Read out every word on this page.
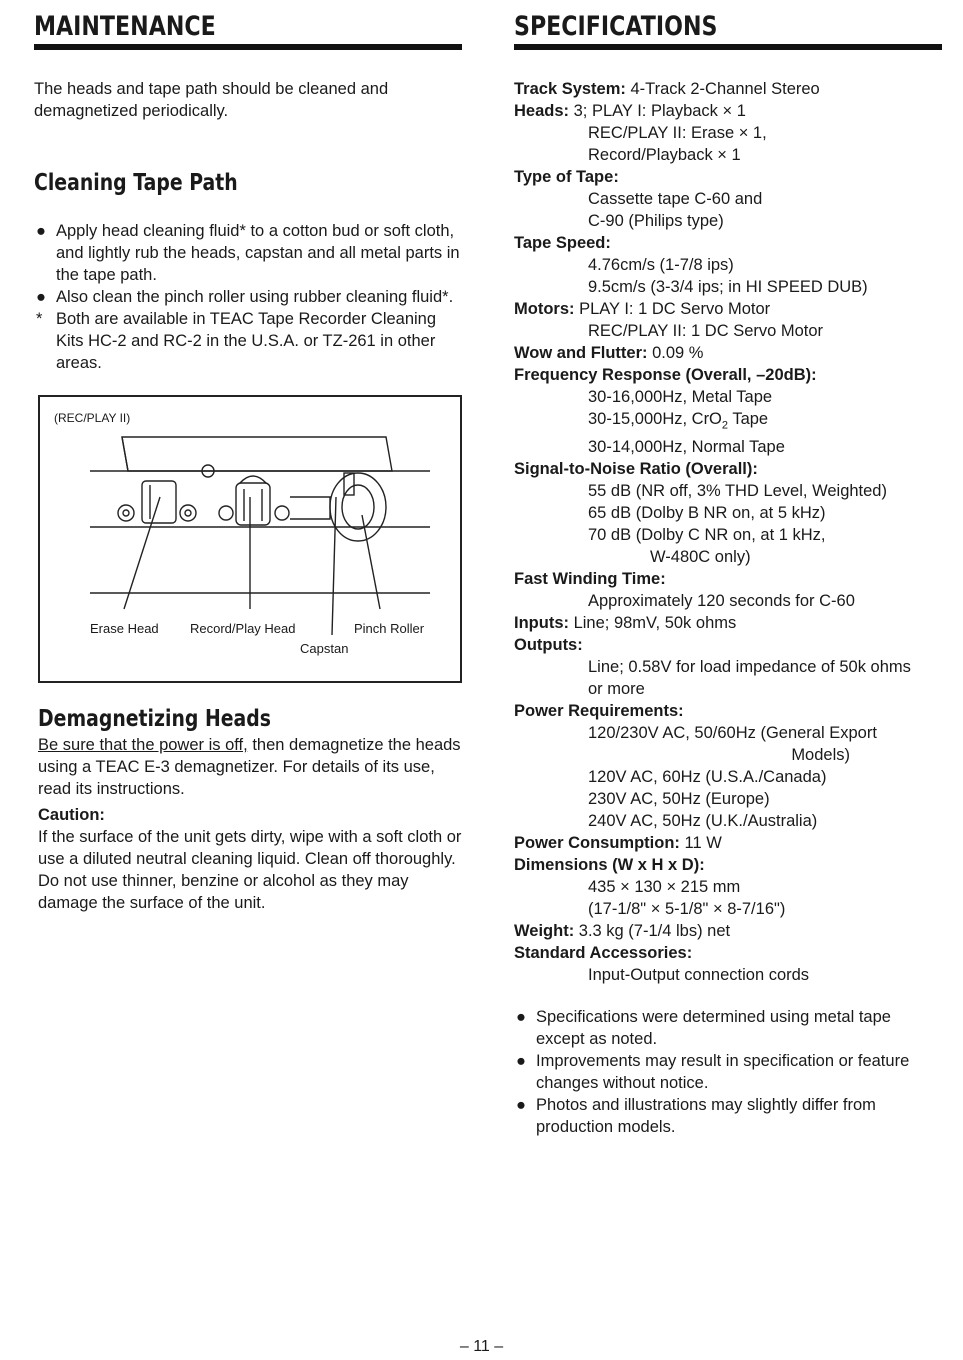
MAINTENANCE

The heads and tape path should be cleaned and demagnetized periodically.

Cleaning Tape Path
● Apply head cleaning fluid* to a cotton bud or soft cloth, and lightly rub the heads, capstan and all metal parts in the tape path.
● Also clean the pinch roller using rubber cleaning fluid*.
* Both are available in TEAC Tape Recorder Cleaning Kits HC-2 and RC-2 in the U.S.A. or TZ-261 in other areas.
(REC/PLAY II)
Erase Head Record/Play Head	Pinch Roller
Capstan
Demagnetizing Heads

Be sure that the power is off, then demagnetize the heads using a TEAC E-3 demagnetizer. For details of its use, read its instructions.

Caution:

If the surface of the unit gets dirty, wipe with a soft cloth or use a diluted neutral cleaning liquid. Clean off thoroughly. Do not use thinner, benzine or alcohol as they may damage the surface of the unit.

SPECIFICATIONS
Track System: 4-Track 2-Channel Stereo
Heads: 3; PLAY I: Playback × 1
REC/PLAY II: Erase × 1,
Record/Playback × 1
Type of Tape:
Cassette tape C-60 and
C-90 (Philips type)
Tape Speed:
4.76cm/s (1-7/8 ips)
9.5cm/s (3-3/4 ips; in HI SPEED DUB)
Motors: PLAY I: 1 DC Servo Motor
REC/PLAY II: 1 DC Servo Motor
Wow and Flutter: 0.09 %
Frequency Response (Overall, –20dB):
30-16,000Hz, Metal Tape
30-15,000Hz, CrO$_2$ Tape
30-14,000Hz, Normal Tape
Signal-to-Noise Ratio (Overall):
55 dB (NR off, 3% THD Level, Weighted)
65 dB (Dolby B NR on, at 5 kHz)
70 dB (Dolby C NR on, at 1 kHz,
W-480C only)
Fast Winding Time:
Approximately 120 seconds for C-60
Inputs: Line; 98mV, 50k ohms
Outputs:
Line; 0.58V for load impedance of 50k ohms
or more
Power Requirements:
120/230V AC, 50/60Hz (General Export
Models)
120V AC, 60Hz (U.S.A./Canada)
230V AC, 50Hz (Europe)
240V AC, 50Hz (U.K./Australia)
Power Consumption: 11 W
Dimensions (W x H x D):
435 × 130 × 215 mm
(17-1/8" × 5-1/8" × 8-7/16")
Weight: 3.3 kg (7-1/4 lbs) net
Standard Accessories:
Input-Output connection cords
● Specifications were determined using metal tape except as noted.
● Improvements may result in specification or feature changes without notice.
● Photos and illustrations may slightly differ from production models.
– 11 –
